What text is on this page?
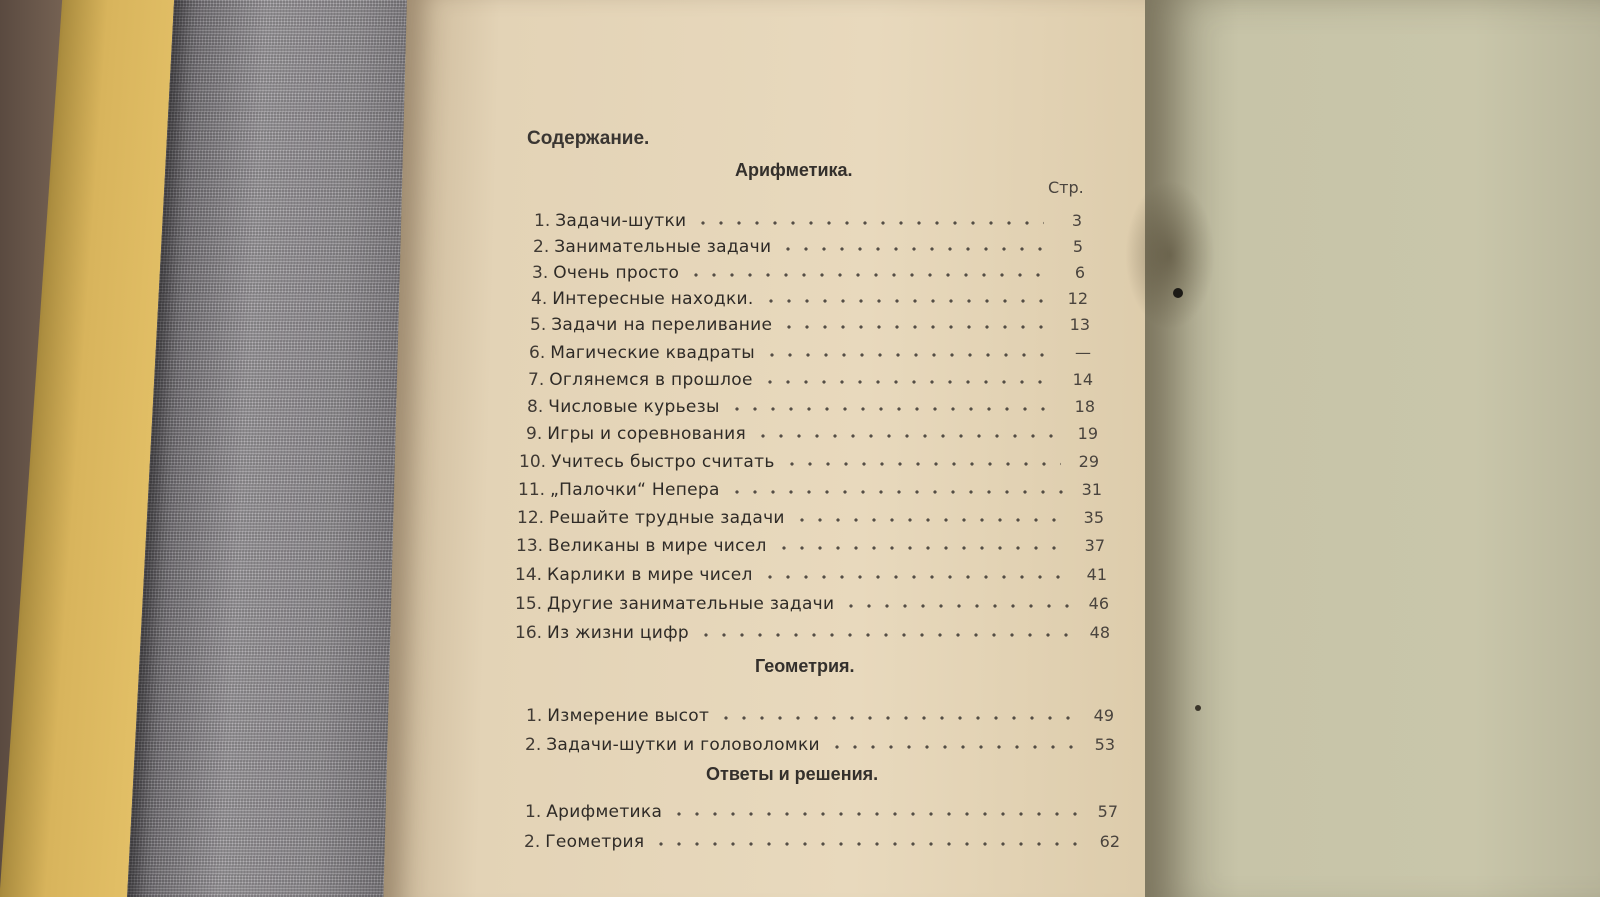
Содержание.
Стр.
Арифметика.
1. Задачи-шутки	3
2. Занимательные задачи	5
3. Очень просто	6
4. Интересные находки.	12
5. Задачи на переливание	13
6. Магические квадраты	—
7. Оглянемся в прошлое	14
8. Числовые курьезы	18
9. Игры и соревнования	19
10. Учитесь быстро считать	29
11. „Палочки“ Непера	31
12. Решайте трудные задачи	35
13. Великаны в мире чисел	37
14. Карлики в мире чисел	41
15. Другие занимательные задачи	46
16. Из жизни цифр	48
Геометрия.
1. Измерение высот	49
2. Задачи-шутки и головоломки	53
Ответы и решения.
1. Арифметика	57
2. Геометрия	62
